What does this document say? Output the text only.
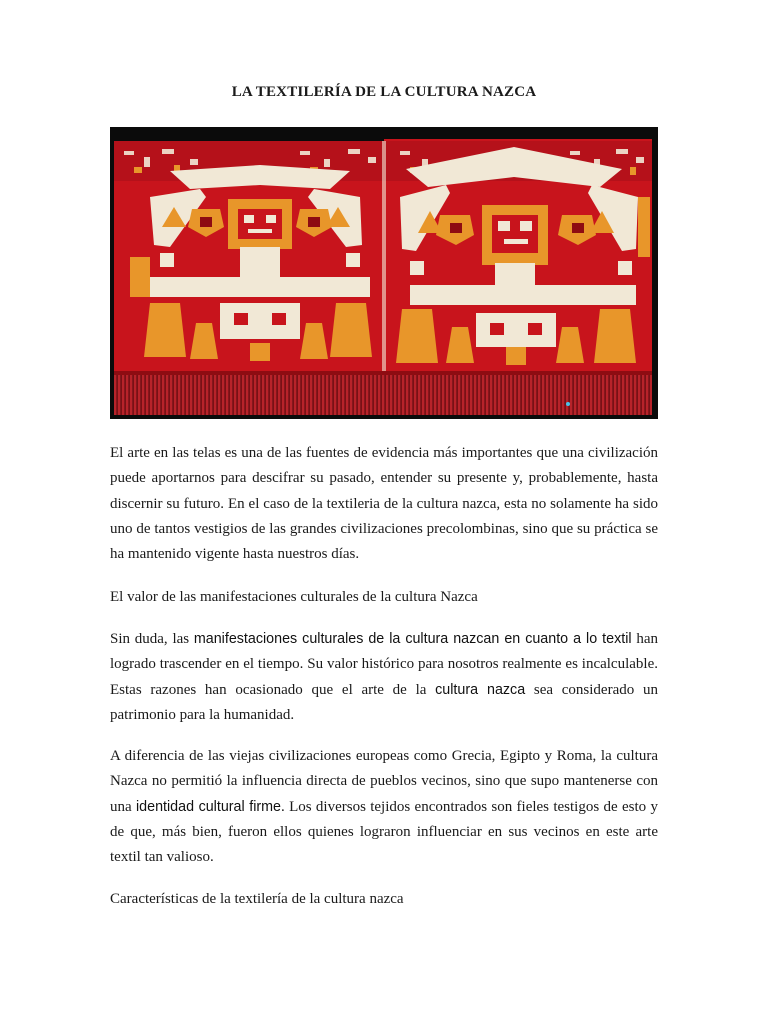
LA TEXTILERÍA DE LA CULTURA NAZCA

El arte en las telas es una de las fuentes de evidencia más importantes que una civilización puede aportarnos para descifrar su pasado, entender su presente y, probablemente, hasta discernir su futuro. En el caso de la textileria de la cultura nazca, esta no solamente ha sido uno de tantos vestigios de las grandes civilizaciones precolombinas, sino que su práctica se ha mantenido vigente hasta nuestros días.

El valor de las manifestaciones culturales de la cultura Nazca

Sin duda, las manifestaciones culturales de la cultura nazcan en cuanto a lo textil han logrado trascender en el tiempo. Su valor histórico para nosotros realmente es incalculable. Estas razones han ocasionado que el arte de la cultura nazca sea considerado un patrimonio para la humanidad.

A diferencia de las viejas civilizaciones europeas como Grecia, Egipto y Roma, la cultura Nazca no permitió la influencia directa de pueblos vecinos, sino que supo mantenerse con una identidad cultural firme. Los diversos tejidos encontrados son fieles testigos de esto y de que, más bien, fueron ellos quienes lograron influenciar en sus vecinos en este arte textil tan valioso.

Características de la textilería de la cultura nazca
